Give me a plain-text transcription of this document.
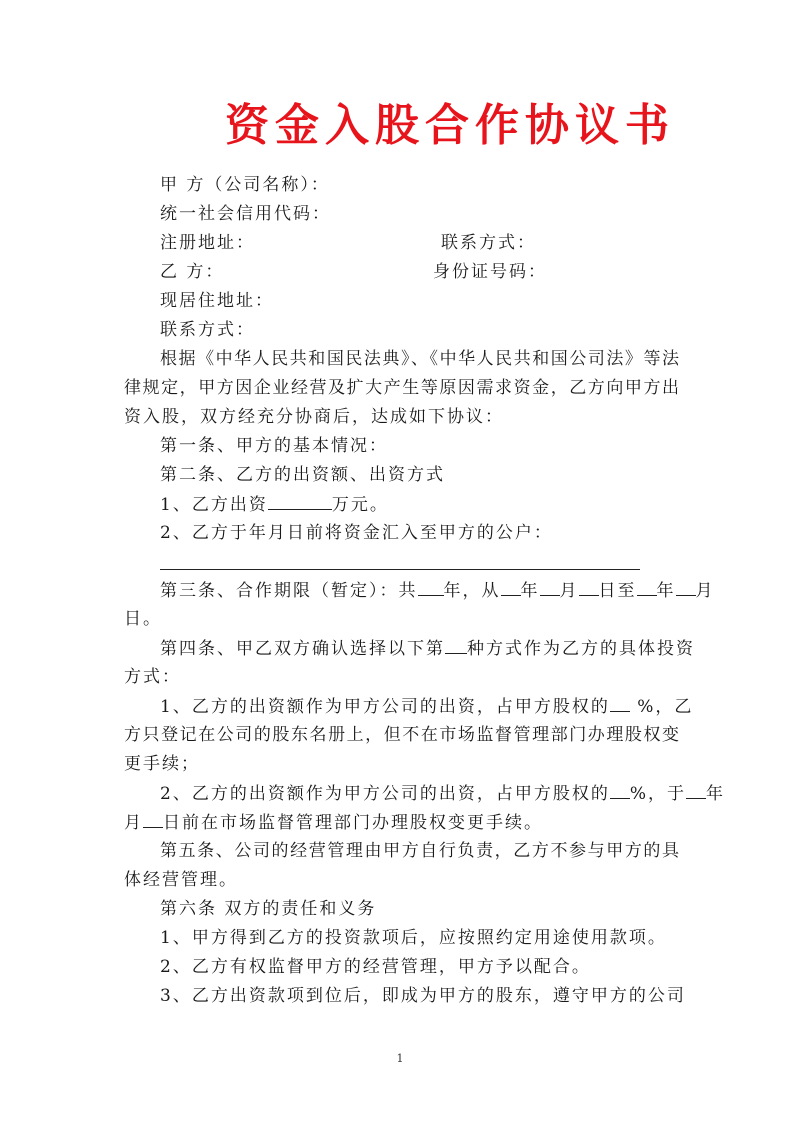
资金入股合作协议书
甲 方（公司名称）：
统一社会信用代码：
注册地址：	联系方式：
乙 方：	身份证号码：
现居住地址：
联系方式：
根据《中华人民共和国民法典》、《中华人民共和国公司法》等法
律规定，甲方因企业经营及扩大产生等原因需求资金，乙方向甲方出
资入股，双方经充分协商后，达成如下协议：
第一条、甲方的基本情况：
第二条、乙方的出资额、出资方式
1、乙方出资	万元。
2、乙方于年月日前将资金汇入至甲方的公户：
第三条、合作期限（暂定）：共 年，从 年 月 日至 年 月
日。
第四条、甲乙双方确认选择以下第 种方式作为乙方的具体投资
方式：
1、乙方的出资额作为甲方公司的出资，占甲方股权的 %，乙
方只登记在公司的股东名册上，但不在市场监督管理部门办理股权变
更手续；
2、乙方的出资额作为甲方公司的出资，占甲方股权的 %，于 年
月 日前在市场监督管理部门办理股权变更手续。
第五条、公司的经营管理由甲方自行负责，乙方不参与甲方的具
体经营管理。
第六条 双方的责任和义务
1、甲方得到乙方的投资款项后，应按照约定用途使用款项。
2、乙方有权监督甲方的经营管理，甲方予以配合。
3、乙方出资款项到位后，即成为甲方的股东，遵守甲方的公司
1
